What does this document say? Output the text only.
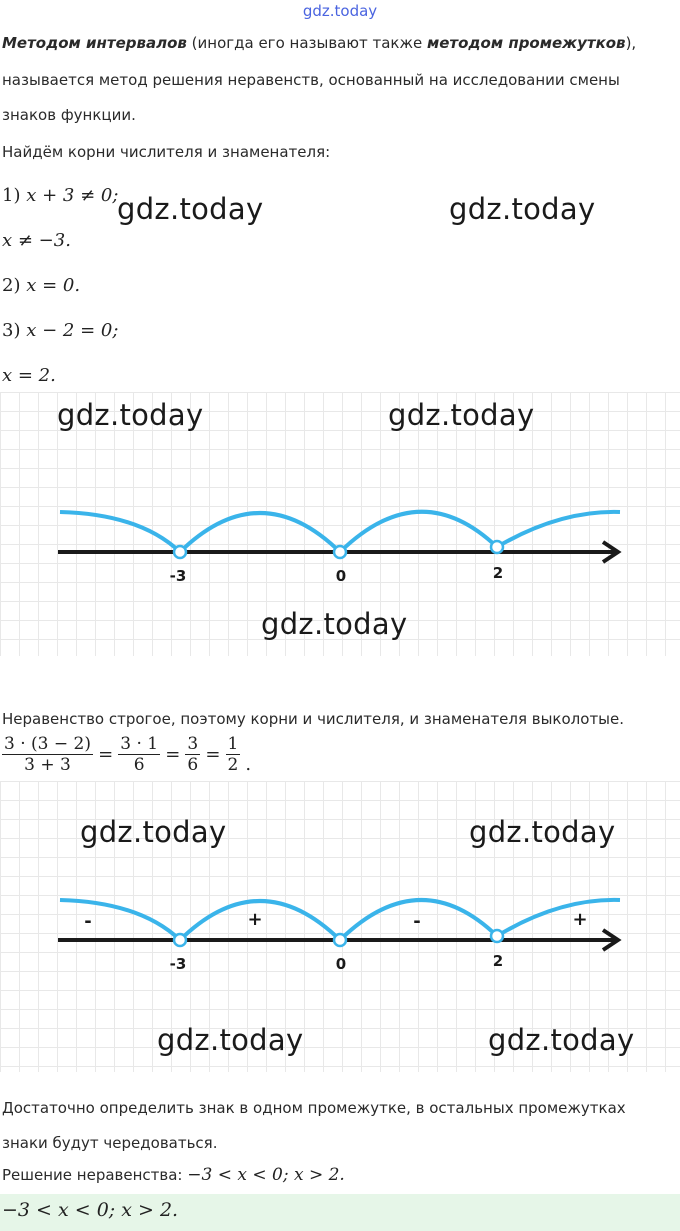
gdz.today
Методом интервалов (иногда его называют также методом промежутков),
называется метод решения неравенств, основанный на исследовании смены
знаков функции.
Найдём корни числителя и знаменателя:
1) x + 3 ≠ 0;
x ≠ −3.
2) x = 0.
3) x − 2 = 0;
x = 2.
gdz.today	gdz.today
gdz.today	gdz.today
gdz.today
-3	0	2
Неравенство строгое, поэтому корни и числителя, и знаменателя выколотые.
$\frac{3 \cdot (3 - 2)}{3 + 3} = \frac{3 \cdot 1}{6} = \frac{3}{6} = \frac{1}{2}$ .
gdz.today	gdz.today
gdz.today	gdz.today
-3	0	2
-	+	-	+
Достаточно определить знак в одном промежутке, в остальных промежутках
знаки будут чередоваться.
Решение неравенства: −3 < x < 0; x > 2.
−3 < x < 0; x > 2.
